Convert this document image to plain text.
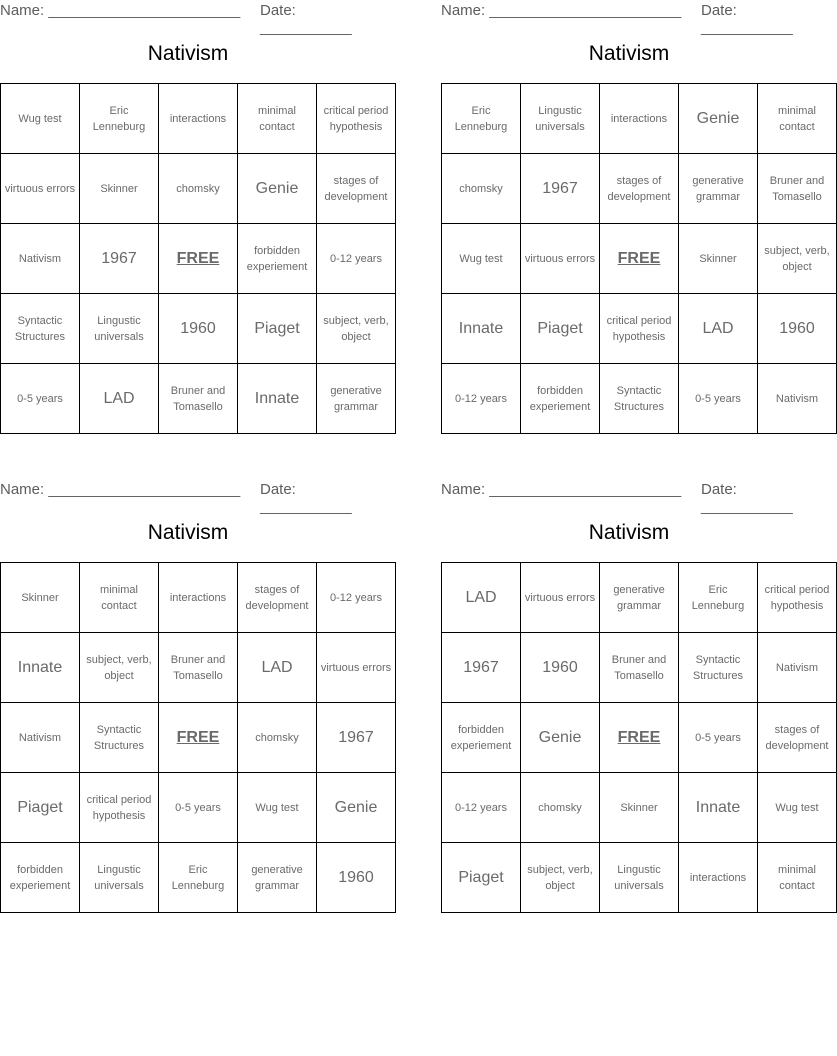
Name: _______________________ Date: ___________
Nativism
Wug test	Eric Lenneburg	interactions	minimal contact	critical period hypothesis
virtuous errors	Skinner	chomsky	Genie	stages of development
Nativism	1967	FREE	forbidden experiement	0-12 years
Syntactic Structures	Lingustic universals	1960	Piaget	subject, verb, object
0-5 years	LAD	Bruner and Tomasello	Innate	generative grammar
Name: _______________________ Date: ___________
Nativism
Eric Lenneburg	Lingustic universals	interactions	Genie	minimal contact
chomsky	1967	stages of development	generative grammar	Bruner and Tomasello
Wug test	virtuous errors	FREE	Skinner	subject, verb, object
Innate	Piaget	critical period hypothesis	LAD	1960
0-12 years	forbidden experiement	Syntactic Structures	0-5 years	Nativism
Name: _______________________ Date: ___________
Nativism
Skinner	minimal contact	interactions	stages of development	0-12 years
Innate	subject, verb, object	Bruner and Tomasello	LAD	virtuous errors
Nativism	Syntactic Structures	FREE	chomsky	1967
Piaget	critical period hypothesis	0-5 years	Wug test	Genie
forbidden experiement	Lingustic universals	Eric Lenneburg	generative grammar	1960
Name: _______________________ Date: ___________
Nativism
LAD	virtuous errors	generative grammar	Eric Lenneburg	critical period hypothesis
1967	1960	Bruner and Tomasello	Syntactic Structures	Nativism
forbidden experiement	Genie	FREE	0-5 years	stages of development
0-12 years	chomsky	Skinner	Innate	Wug test
Piaget	subject, verb, object	Lingustic universals	interactions	minimal contact
